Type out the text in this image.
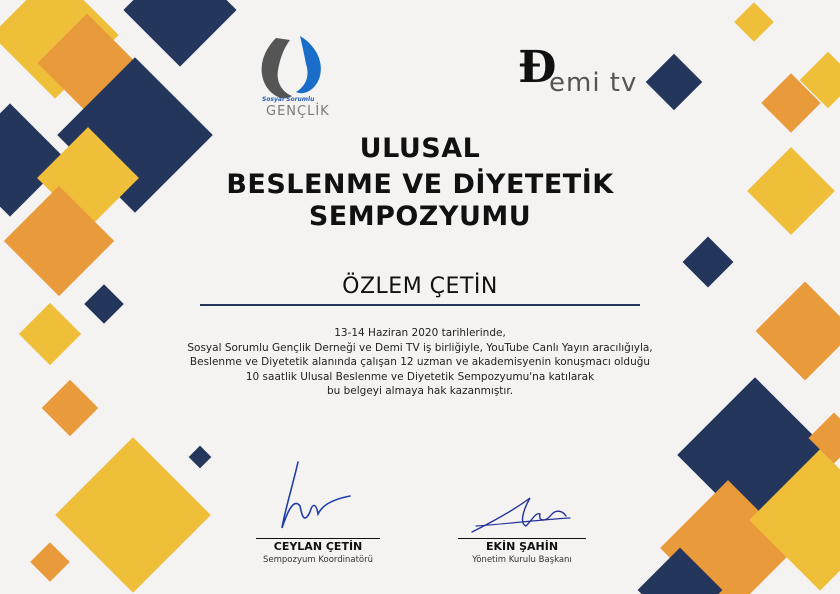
Sosyal Sorumlu
GENÇLİK
Đ
emi tv
ULUSAL
BESLENME VE DİYETETİK
SEMPOZYUMU
ÖZLEM ÇETİN
13-14 Haziran 2020 tarihlerinde,
Sosyal Sorumlu Gençlik Derneği ve Demi TV iş birliğiyle, YouTube Canlı Yayın aracılığıyla,
Beslenme ve Diyetetik alanında çalışan 12 uzman ve akademisyenin konuşmacı olduğu
10 saatlik Ulusal Beslenme ve Diyetetik Sempozyumu'na katılarak
bu belgeyi almaya hak kazanmıştır.
CEYLAN ÇETİN
Sempozyum Koordinatörü
EKİN ŞAHİN
Yönetim Kurulu Başkanı
